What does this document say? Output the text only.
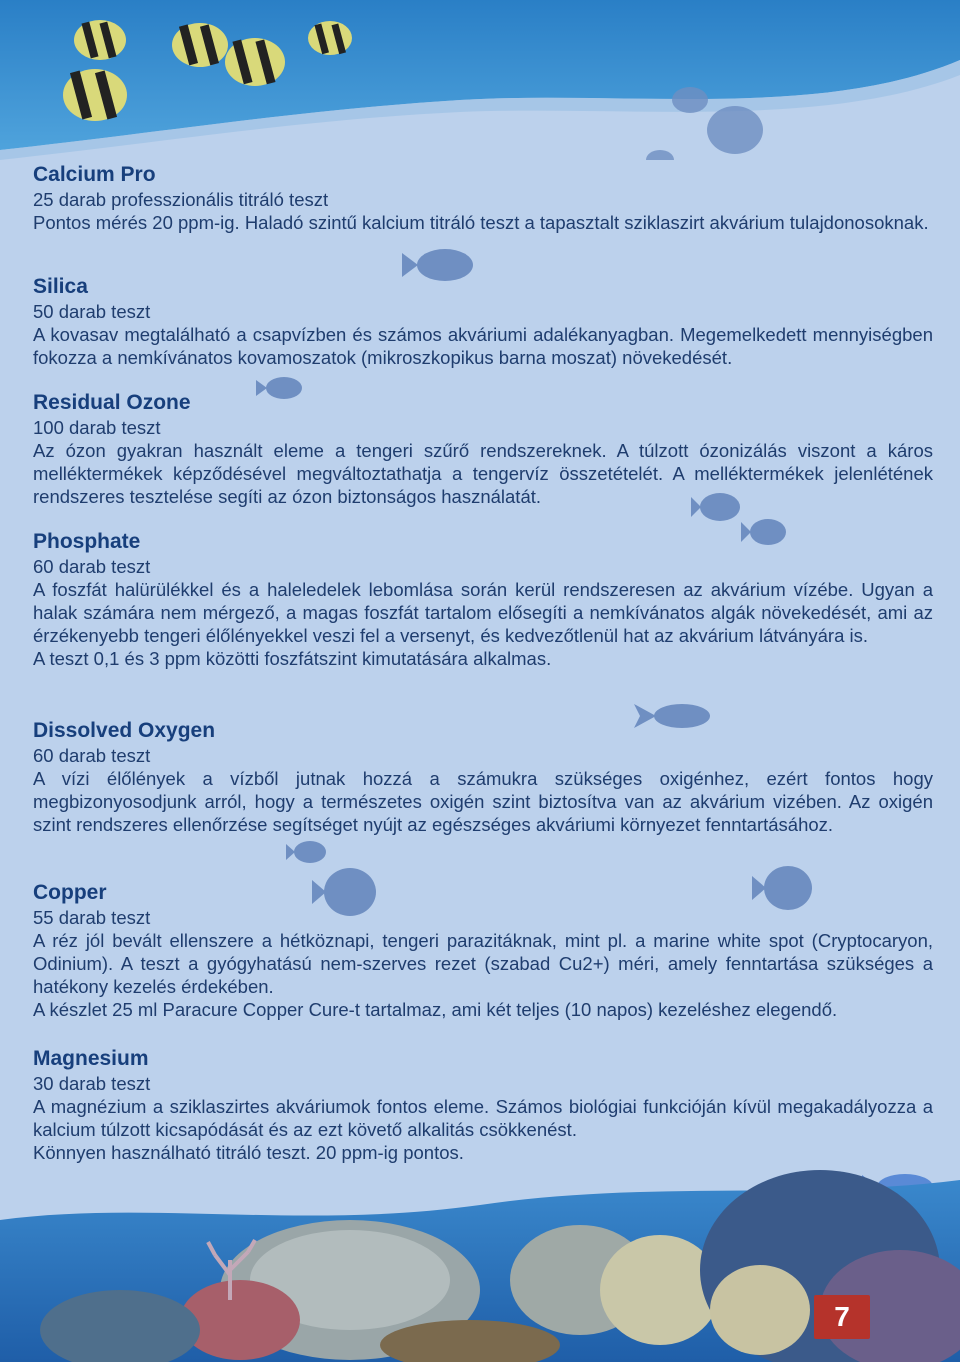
Calcium Pro

25 darab professzionális titráló teszt

Pontos mérés 20 ppm-ig. Haladó szintű kalcium titráló teszt a tapasztalt sziklaszirt akvárium tulajdonosoknak.

Silica

50 darab teszt

A kovasav megtalálható a csapvízben és számos akváriumi adalékanyagban. Megemelkedett mennyiségben fokozza a nemkívánatos kovamoszatok (mikroszkopikus barna moszat) növekedését.

Residual Ozone

100 darab teszt

Az ózon gyakran használt eleme a tengeri szűrő rendszereknek. A túlzott ózonizálás viszont a káros melléktermékek képződésével megváltoztathatja a tengervíz összetételét. A melléktermékek jelenlétének rendszeres tesztelése segíti az ózon biztonságos használatát.

Phosphate

60 darab teszt

A foszfát halürülékkel és a haleledelek lebomlása során kerül rendszeresen az akvárium vízébe. Ugyan a halak számára nem mérgező, a magas foszfát tartalom elősegíti a nemkívánatos algák növekedését, ami az érzékenyebb tengeri élőlényekkel veszi fel a versenyt, és kedvezőtlenül hat az akvárium látványára is.

A teszt 0,1 és 3 ppm közötti foszfátszint kimutatására alkalmas.

Dissolved Oxygen

60 darab teszt

A vízi élőlények a vízből jutnak hozzá a számukra szükséges oxigénhez, ezért fontos hogy megbizonyosodjunk arról, hogy a természetes oxigén szint biztosítva van az akvárium vizében. Az oxigén szint rendszeres ellenőrzése segítséget nyújt az egészséges akváriumi környezet fenntartásához.

Copper

55 darab teszt

A réz jól bevált ellenszere a hétköznapi, tengeri parazitáknak, mint pl. a marine white spot (Cryptocaryon, Odinium). A teszt a gyógyhatású nem-szerves rezet (szabad Cu2+) méri, amely fenntartása szükséges a hatékony kezelés érdekében.

A készlet 25 ml Paracure Copper Cure-t tartalmaz, ami két teljes (10 napos) kezeléshez elegendő.

Magnesium

30 darab teszt

A magnézium a sziklaszirtes akváriumok fontos eleme. Számos biológiai funkcióján kívül megakadályozza a kalcium túlzott kicsapódását és az ezt követő alkalitás csökkenést.

Könnyen használható titráló teszt. 20 ppm-ig pontos.

7
